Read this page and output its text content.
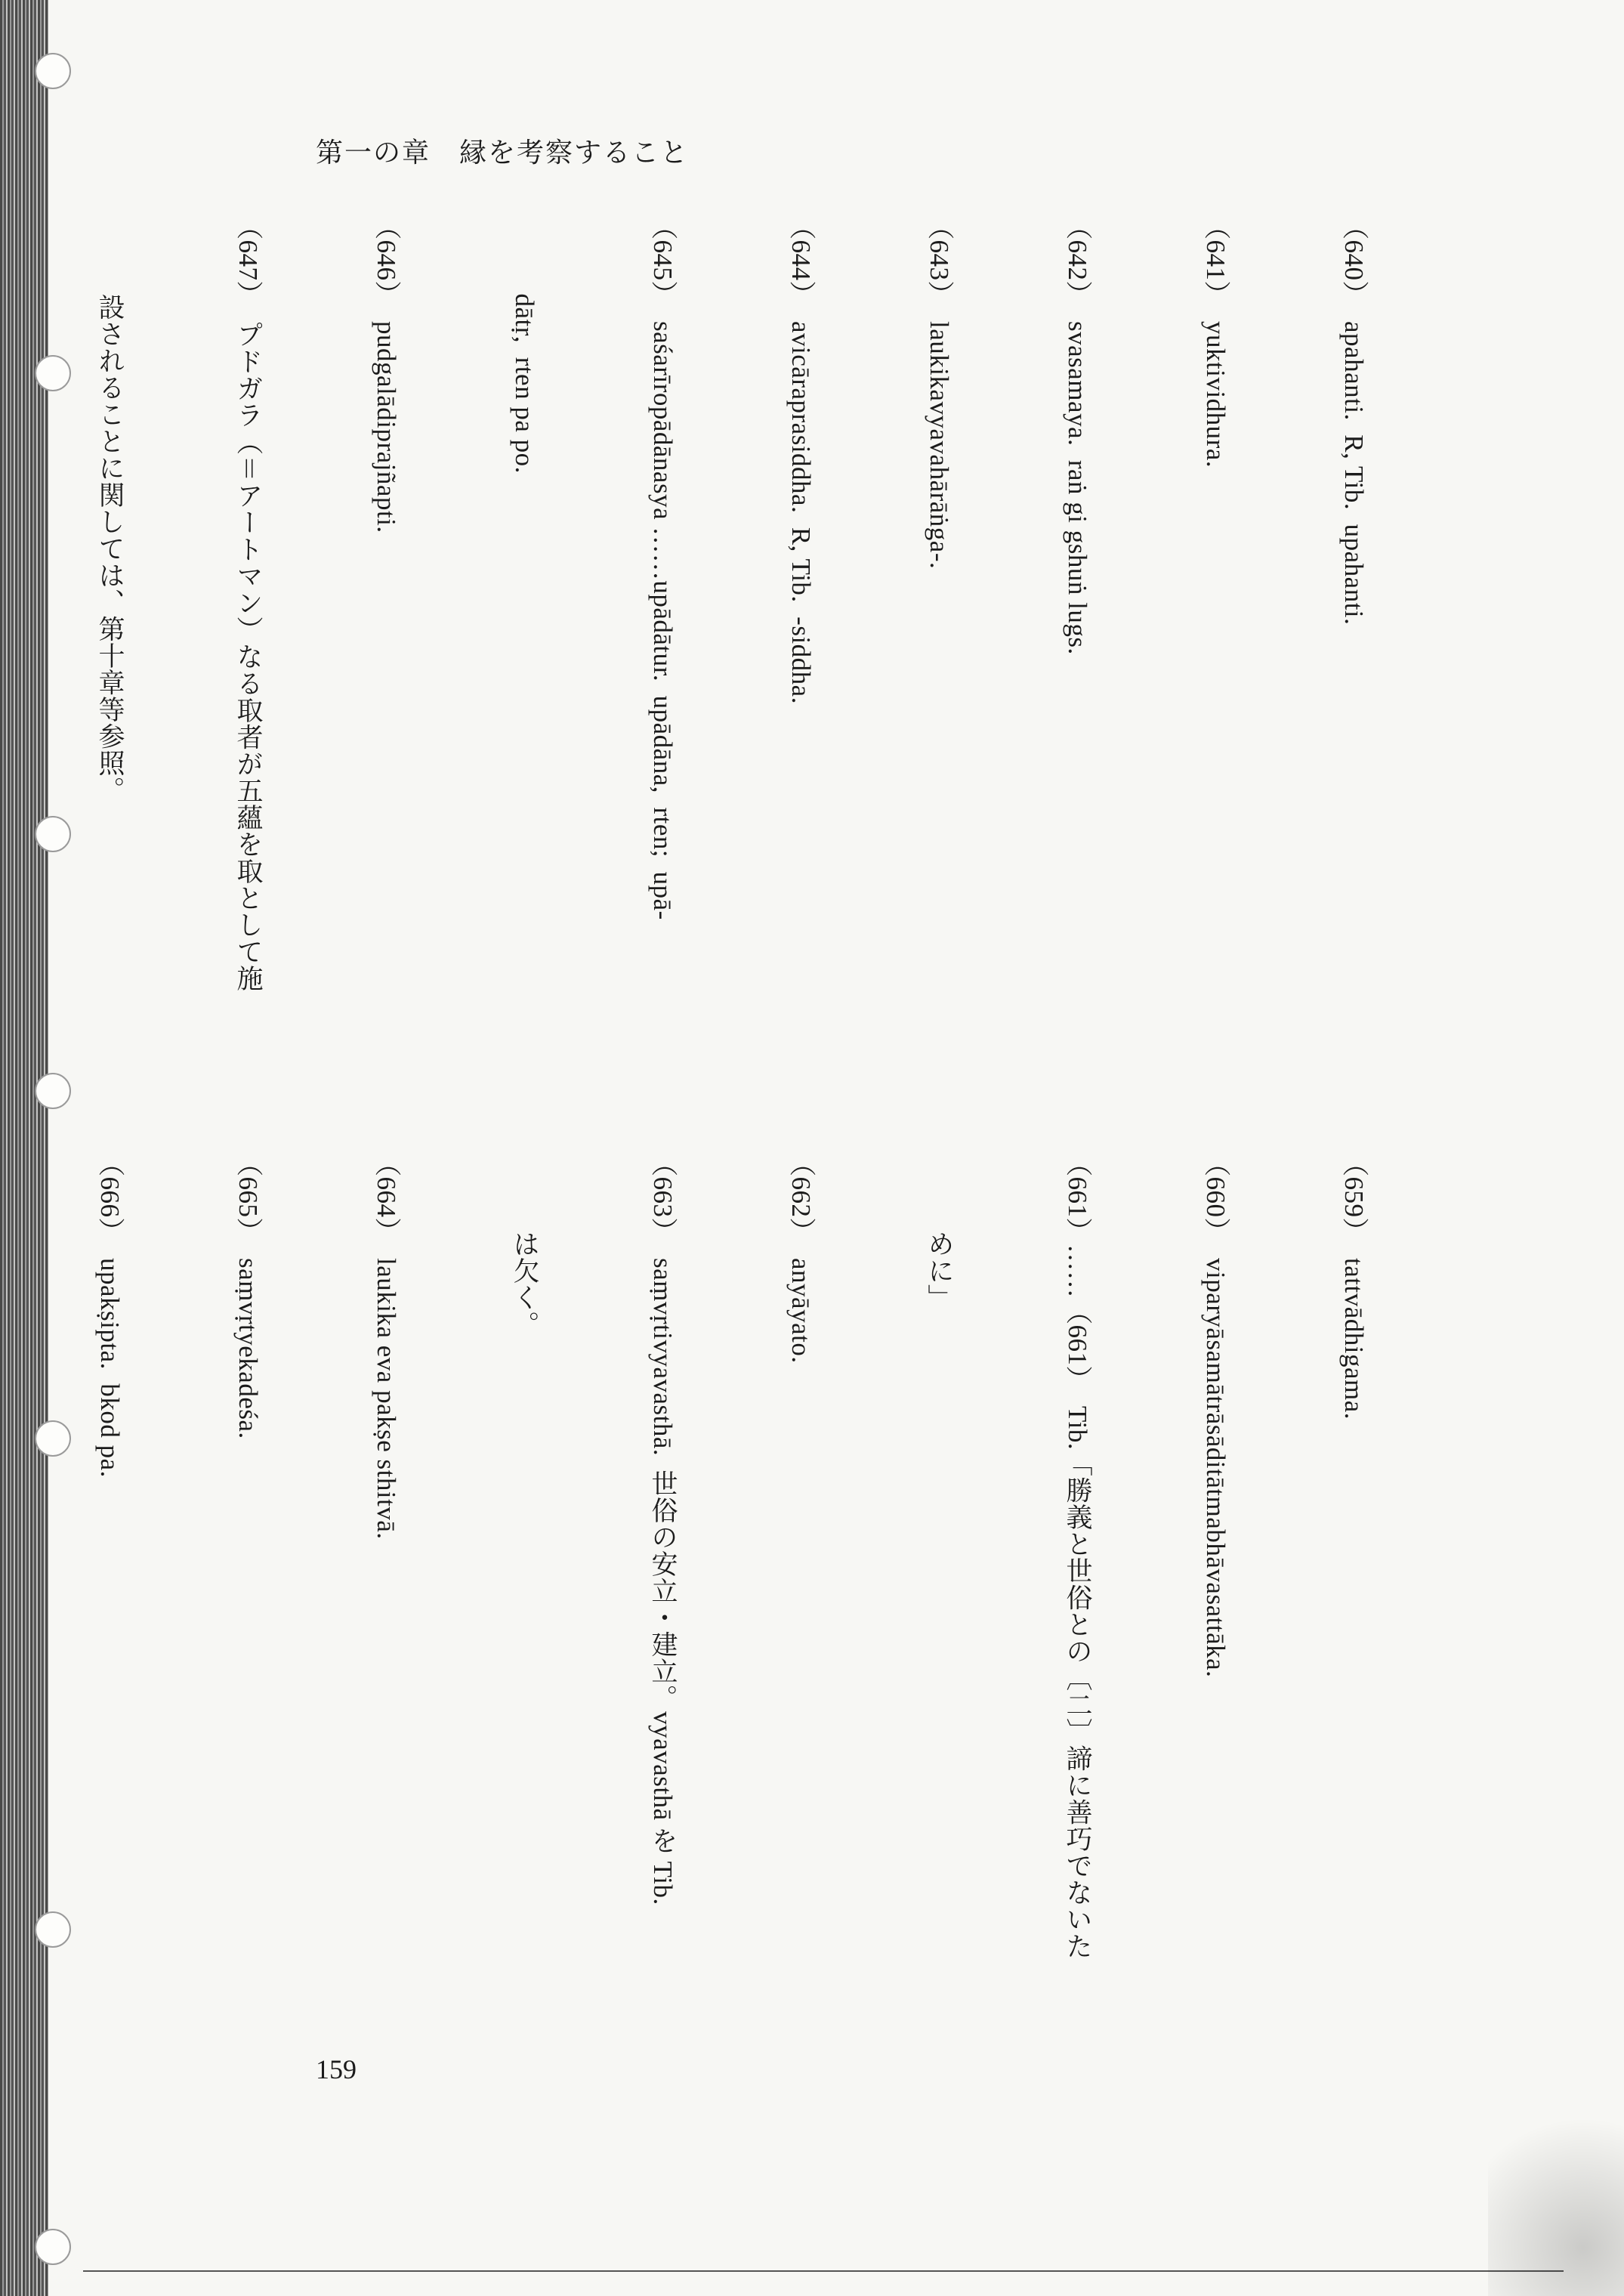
第一の章　縁を考察すること

（640）　apahanti.  R, Tib.  upahanti.

（641）　yuktividhura.

（642）　svasamaya.  raṅ gi gshuṅ lugs.

（643）　laukikavyavahārāṅga-.

（644）　avicāraprasiddha.  R, Tib.  -siddha.

（645）　saśarīropādānasya ……upādātur.  upādāna,  rten;  upā-

　　　dātṛ,  rten pa po.

（646）　pudgalādiprajñapti.

（647）　プドガラ（＝アートマン）なる取者が五蘊を取として施

　　　設されることに関しては、第十章等参照。

（659）　tattvādhigama.

（660）　viparyāsamātrāsāditātmabhāvasattāka.

（661）……（661）　Tib.「勝義と世俗との〔二〕諦に善巧でないた

　　　めに」

（662）　anyāyato.

（663）　saṃvṛtivyavasthā.  世俗の安立・建立。vyavasthā を Tib.

　　　は欠く。

（664）　laukika eva pakṣe sthitvā.

（665）　saṃvṛtyekadeśa.

（666）　upakṣipta.  bkod pa.

159
